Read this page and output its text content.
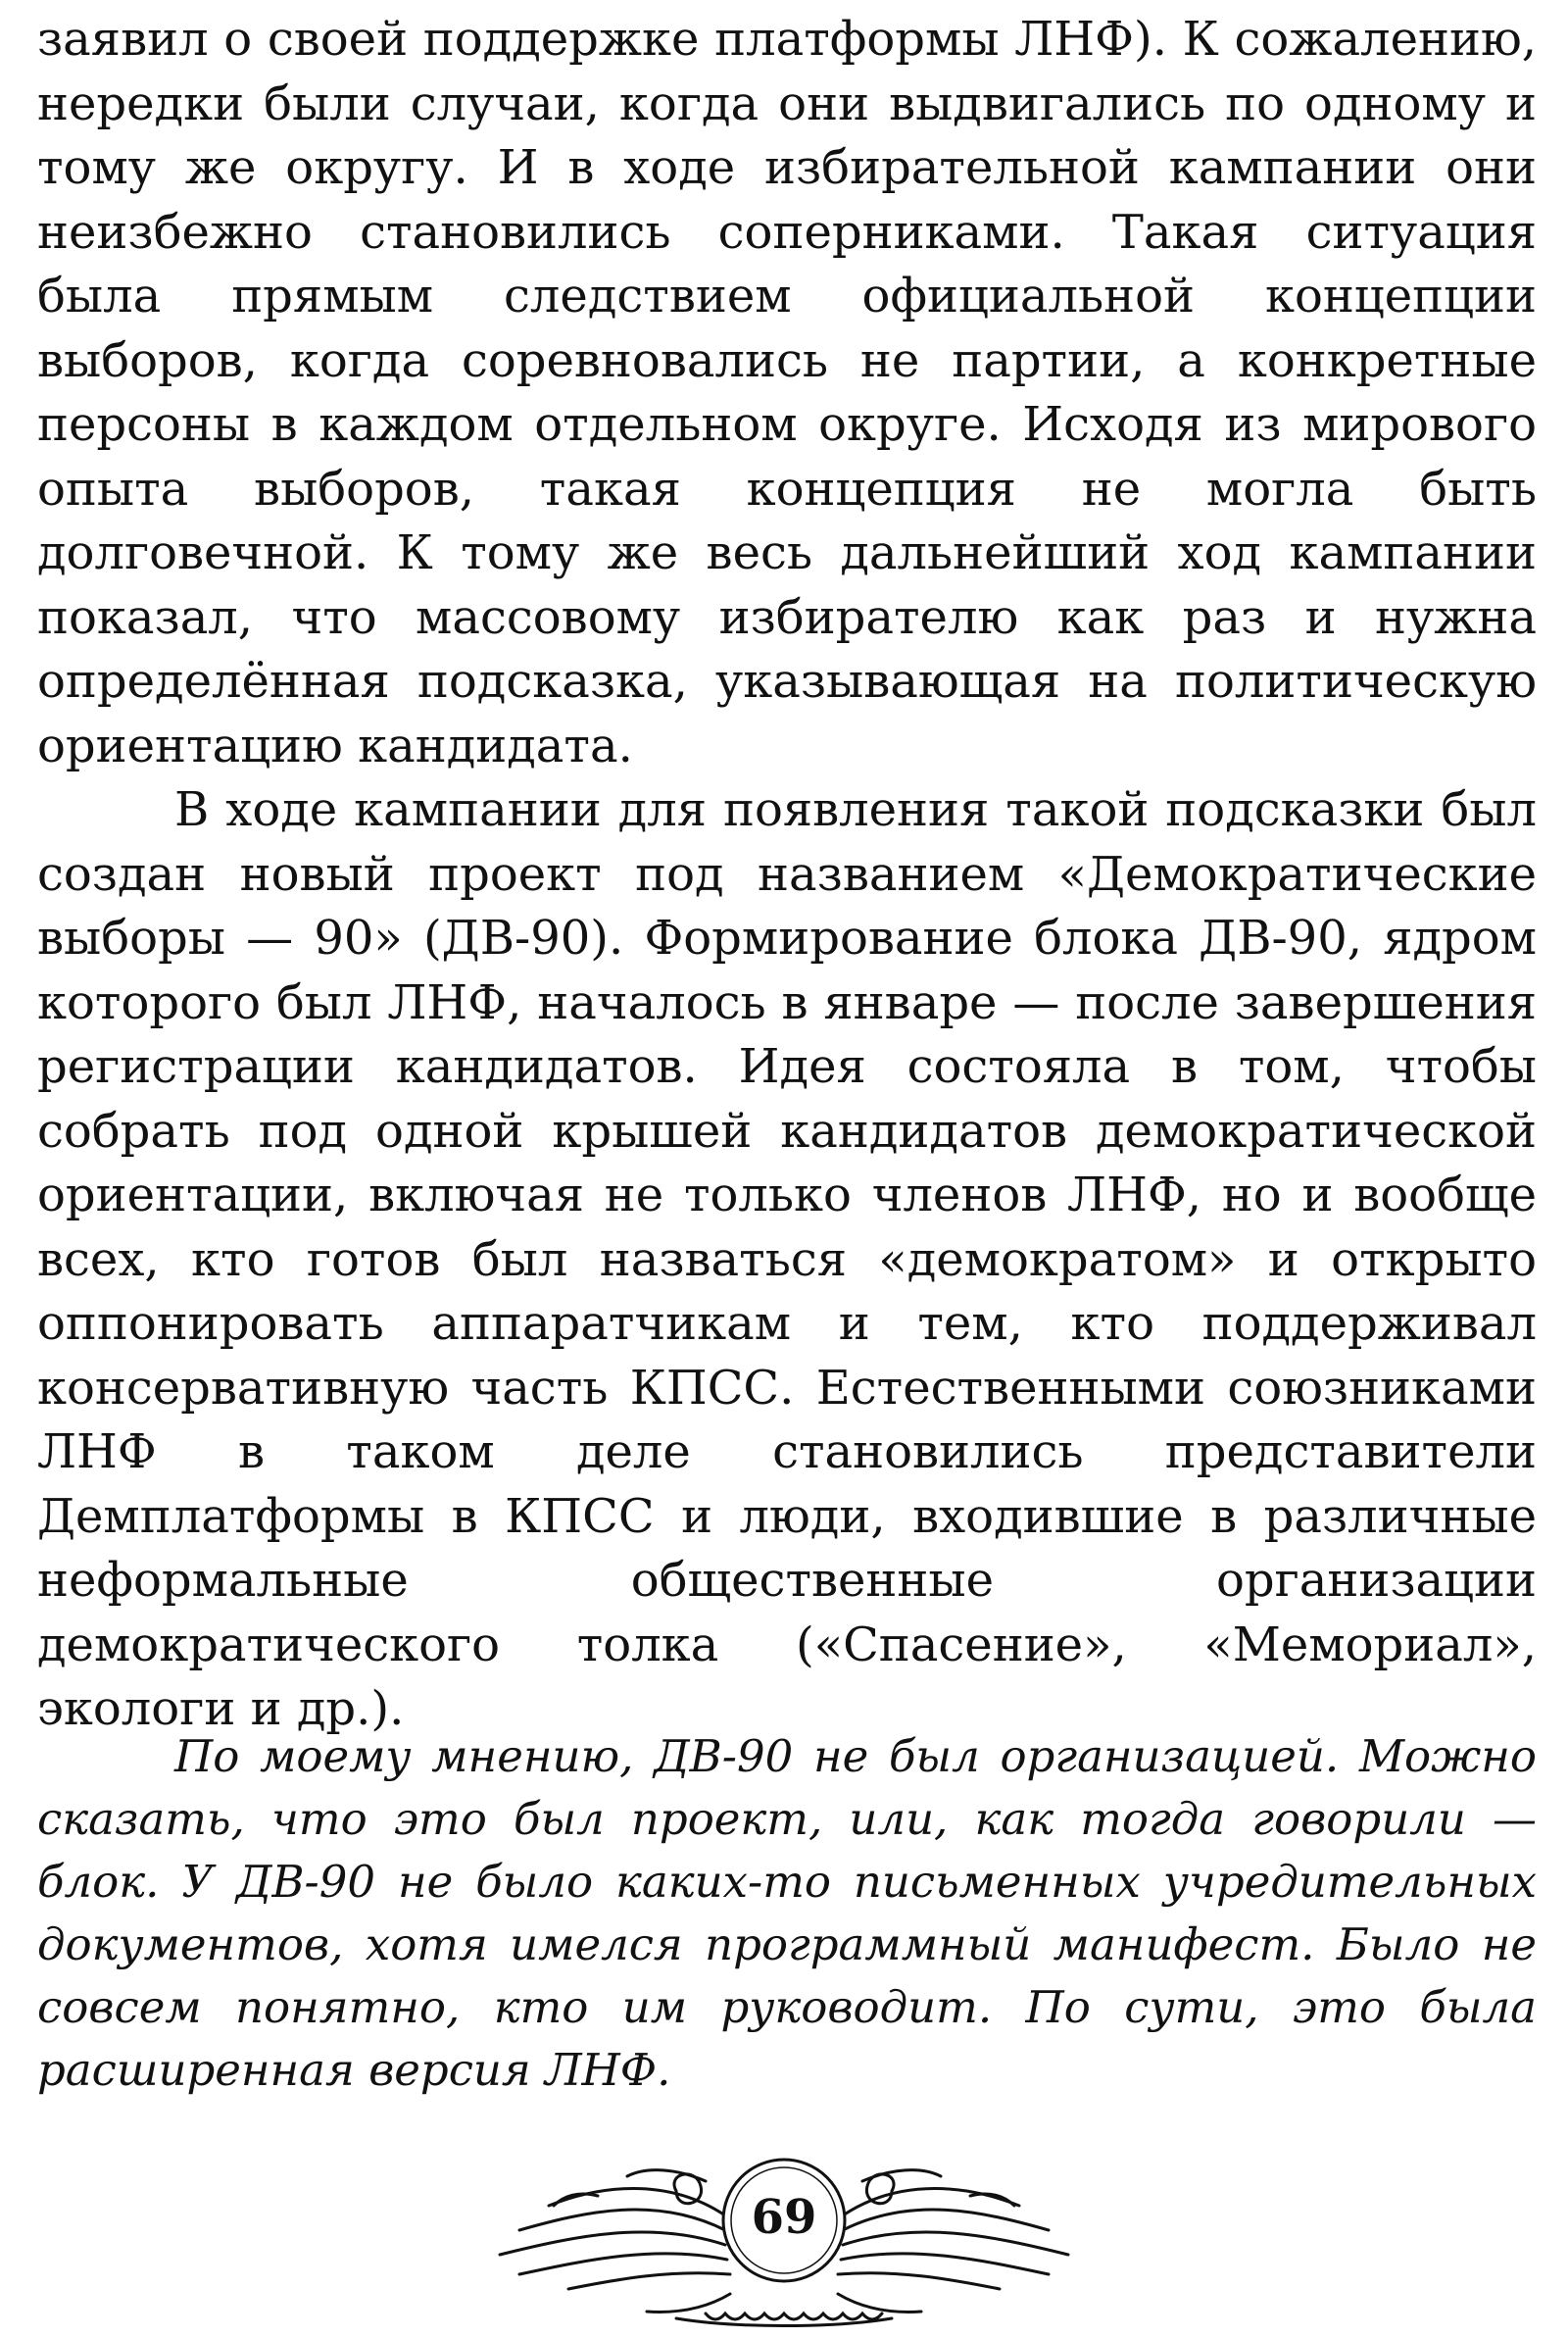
заявил о своей поддержке платформы ЛНФ). К сожалению, нередки были случаи, когда они выдвигались по одному и тому же округу. И в ходе избирательной кампании они неизбежно становились соперниками. Такая ситуация была прямым следствием официальной концепции выборов, когда соревновались не партии, а конкретные персоны в каждом отдельном округе. Исходя из мирового опыта выборов, такая концепция не могла быть долговечной. К тому же весь дальнейший ход кампании показал, что массовому избирателю как раз и нужна определённая подсказка, указывающая на политическую ориентацию кандидата.

В ходе кампании для появления такой подсказки был создан новый проект под названием «Демократические выборы — 90» (ДВ-90). Формирование блока ДВ-90, ядром которого был ЛНФ, началось в январе — после завершения регистрации кандидатов. Идея состояла в том, чтобы собрать под одной крышей кандидатов демократической ориентации, включая не только членов ЛНФ, но и вообще всех, кто готов был назваться «демократом» и открыто оппонировать аппаратчикам и тем, кто поддерживал консервативную часть КПСС. Естественными союзниками ЛНФ в таком деле становились представители Демплатформы в КПСС и люди, входившие в различные неформальные общественные организации демократического толка («Спасение», «Мемориал», экологи и др.).

По моему мнению, ДВ-90 не был организацией. Можно сказать, что это был проект, или, как тогда говорили — блок. У ДВ-90 не было каких-то письменных учредительных документов, хотя имелся программный манифест. Было не совсем понятно, кто им руководит. По сути, это была расширенная версия ЛНФ.

69
